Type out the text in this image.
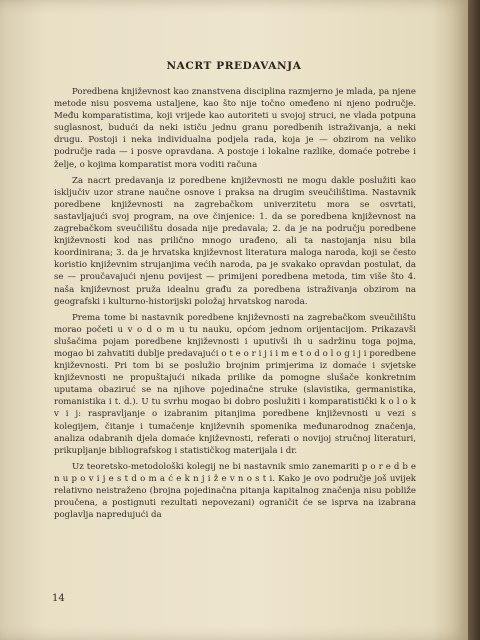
NACRT PREDAVANJA

Poredbena književnost kao znanstvena disciplina razmjerno je mlada, pa njene metode nisu posvema ustaljene, kao što nije točno omeđeno ni njeno područje. Među komparatistima, koji vrijede kao autoriteti u svojoj struci, ne vlada potpuna suglasnost, budući da neki ističu jednu granu poredbenih istraživanja, a neki drugu. Postoji i neka individualna podjela rada, koja je — obzirom na veliko područje rada — i posve opravdana. A postoje i lokalne razlike, domaće potrebe i želje, o kojima komparatist mora voditi računa

Za nacrt predavanja iz poredbene književnosti ne mogu dakle poslužiti kao isključiv uzor strane naučne osnove i praksa na drugim sveučilištima. Nastavnik poredbene književnosti na zagrebačkom univerzitetu mora se osvrtati, sastavljajući svoj program, na ove činjenice: 1. da se poredbena književnost na zagrebačkom sveučilištu dosada nije predavala; 2. da je na području poredbene književnosti kod nas prilično mnogo urađeno, ali ta nastojanja nisu bila koordinirana; 3. da je hrvatska književnost literatura maloga naroda, koji se često koristio književnim strujanjima većih naroda, pa je svakako opravdan postulat, da se — proučavajući njenu povijest — primijeni poredbena metoda, tim više što 4. naša književnost pruža idealnu građu za poredbena istraživanja obzirom na geografski i kulturno-historijski položaj hrvatskog naroda.

Prema tome bi nastavnik poredbene književnosti na zagrebačkom sveučilištu morao početi u v o d o m u tu nauku, općom jednom orijentacijom. Prikazavši slušačima pojam poredbene književnosti i uputivši ih u sadržinu toga pojma, mogao bi zahvatiti dublje predavajući o t e o r i j i i m e t o d o l o g i j i poredbene književnosti. Pri tom bi se poslužio brojnim primjerima iz domaće i svjetske književnosti ne propuštajući nikada prilike da pomogne slušače konkretnim uputama obaziruć se na njihove pojedinačne struke (slavistika, germanistika, romanistika i t. d.). U tu svrhu mogao bi dobro poslužiti i komparatistički k o l o k v i j: raspravljanje o izabranim pitanjima poredbene književnosti u vezi s kolegijem, čitanje i tumačenje književnih spomenika međunarodnog značenja, analiza odabranih djela domaće književnosti, referati o novijoj stručnoj literaturi, prikupljanje bibliografskog i statističkog materijala i dr.

Uz teoretsko-metodološki kolegij ne bi nastavnik smio zanemariti p o r e d b e n u p o v i j e s t d o m a ć e k n j i ž e v n o s t i. Kako je ovo područje još uvijek relativno neistraženo (brojna pojedinačna pitanja kapitalnog značenja nisu pobliže proučena, a postignuti rezultati nepovezani) ograničit će se isprva na izabrana poglavlja napredujući da

14
